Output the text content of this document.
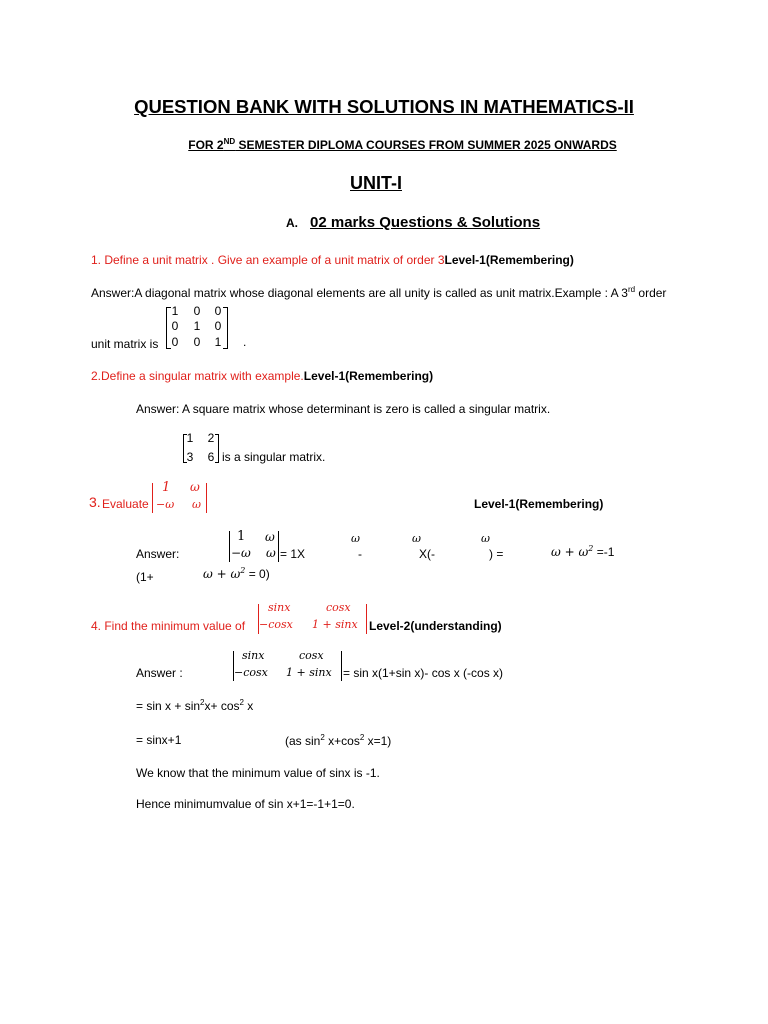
QUESTION BANK WITH SOLUTIONS IN MATHEMATICS-II
FOR 2ND SEMESTER DIPLOMA COURSES FROM SUMMER 2025 ONWARDS
UNIT-I
A. 02 marks Questions & Solutions
1. Define a unit matrix . Give an example of a unit matrix of order 3Level-1(Remembering)
Answer:A diagonal matrix whose diagonal elements are all unity is called as unit matrix.Example : A 3rd order
unit matrix is
1	0	0
0	1	0
0	0	1	.
2.Define a singular matrix with example.Level-1(Remembering)
Answer: A square matrix whose determinant is zero is called a singular matrix.
1	2
3	6 is a singular matrix.
3. Evaluate
1 ω
−ω ω	Level-1(Remembering)
Answer:
1 ω
−ω ω = 1X
ω	ω	ω
-	X(-	) =	$\omega + \omega^2 =-1$
(1+	$\omega + \omega^2 = 0$)
4. Find the minimum value of
sinx	cosx
−cosx 1 + sinx Level-2(understanding)
Answer :
sinx	cosx
−cosx 1 + sinx = sin x(1+sin x)- cos x (-cos x)
= $\sin x + \sin^2x+ \cos^2 x$
= sinx+1	(as $\sin^2 x+\cos^2$ x=1)
We know that the minimum value of sinx is -1.
Hence minimumvalue of sin x+1=-1+1=0.
